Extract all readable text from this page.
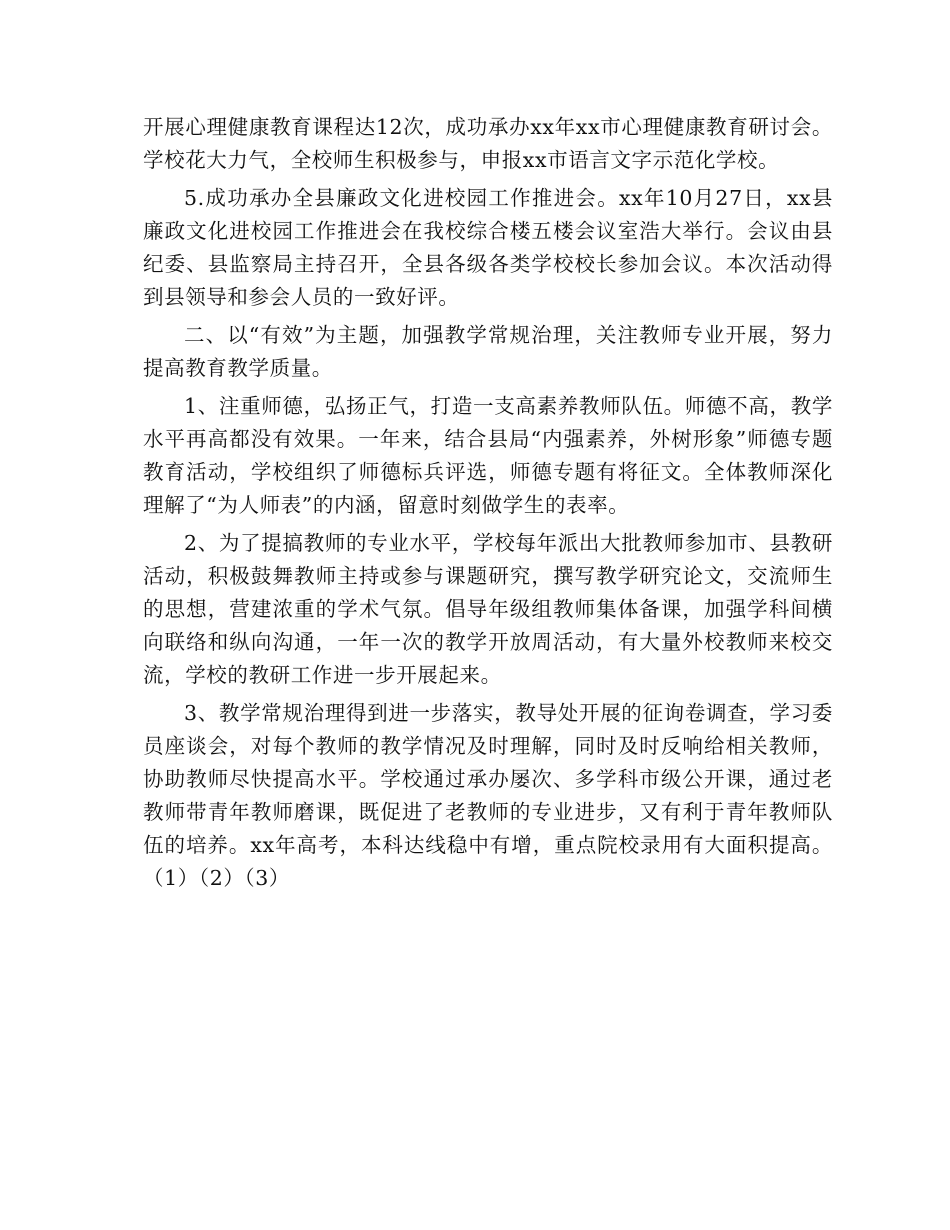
开展心理健康教育课程达12次，成功承办xx年xx市心理健康教育研讨会。学校花大力气，全校师生积极参与，申报xx市语言文字示范化学校。

5.成功承办全县廉政文化进校园工作推进会。xx年10月27日，xx县廉政文化进校园工作推进会在我校综合楼五楼会议室浩大举行。会议由县纪委、县监察局主持召开，全县各级各类学校校长参加会议。本次活动得到县领导和参会人员的一致好评。

二、以“有效”为主题，加强教学常规治理，关注教师专业开展，努力提高教育教学质量。

1、注重师德，弘扬正气，打造一支高素养教师队伍。师德不高，教学水平再高都没有效果。一年来，结合县局“内强素养，外树形象”师德专题教育活动，学校组织了师德标兵评选，师德专题有将征文。全体教师深化理解了“为人师表”的内涵，留意时刻做学生的表率。

2、为了提搞教师的专业水平，学校每年派出大批教师参加市、县教研活动，积极鼓舞教师主持或参与课题研究，撰写教学研究论文，交流师生的思想，营建浓重的学术气氛。倡导年级组教师集体备课，加强学科间横向联络和纵向沟通，一年一次的教学开放周活动，有大量外校教师来校交流，学校的教研工作进一步开展起来。

3、教学常规治理得到进一步落实，教导处开展的征询卷调查，学习委员座谈会，对每个教师的教学情况及时理解，同时及时反响给相关教师，协助教师尽快提高水平。学校通过承办屡次、多学科市级公开课，通过老教师带青年教师磨课，既促进了老教师的专业进步，又有利于青年教师队伍的培养。xx年高考，本科达线稳中有增，重点院校录用有大面积提高。（1）（2）（3）
